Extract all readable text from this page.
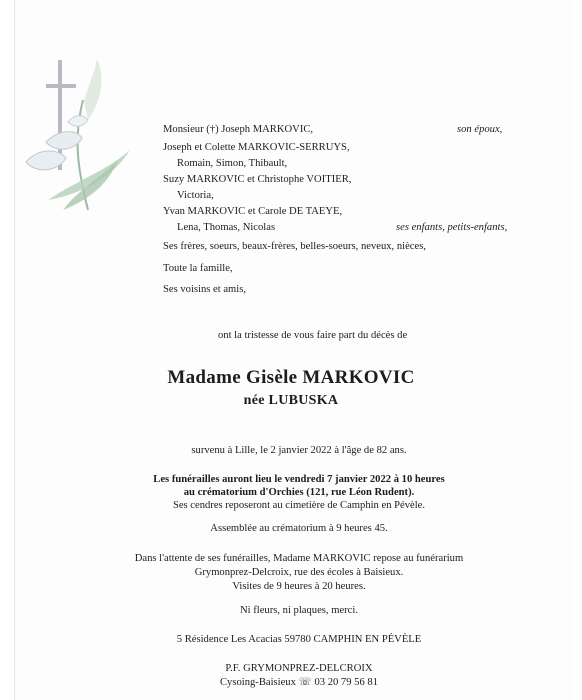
Monsieur (†) Joseph MARKOVIC,	son époux,
Joseph et Colette MARKOVIC-SERRUYS,
Romain, Simon, Thibault,
Suzy MARKOVIC et Christophe VOITIER,
Victoria,
Yvan MARKOVIC et Carole DE TAEYE,
Lena, Thomas, Nicolas	ses enfants, petits-enfants,
Ses frères, soeurs, beaux-frères, belles-soeurs, neveux, nièces,
Toute la famille,
Ses voisins et amis,
ont la tristesse de vous faire part du décès de
Madame Gisèle MARKOVIC
née LUBUSKA
survenu à Lille, le 2 janvier 2022 à l'âge de 82 ans.
Les funérailles auront lieu le vendredi 7 janvier 2022 à 10 heures
au crématorium d'Orchies (121, rue Léon Rudent).
Ses cendres reposeront au cimetière de Camphin en Pévèle.
Assemblée au crématorium à 9 heures 45.
Dans l'attente de ses funérailles, Madame MARKOVIC repose au funérarium
Grymonprez-Delcroix, rue des écoles à Baisieux.
Visites de 9 heures à 20 heures.
Ni fleurs, ni plaques, merci.
5 Résidence Les Acacias 59780 CAMPHIN EN PÉVÈLE
P.F. GRYMONPREZ-DELCROIX
Cysoing-Baisieux ☏ 03 20 79 56 81
